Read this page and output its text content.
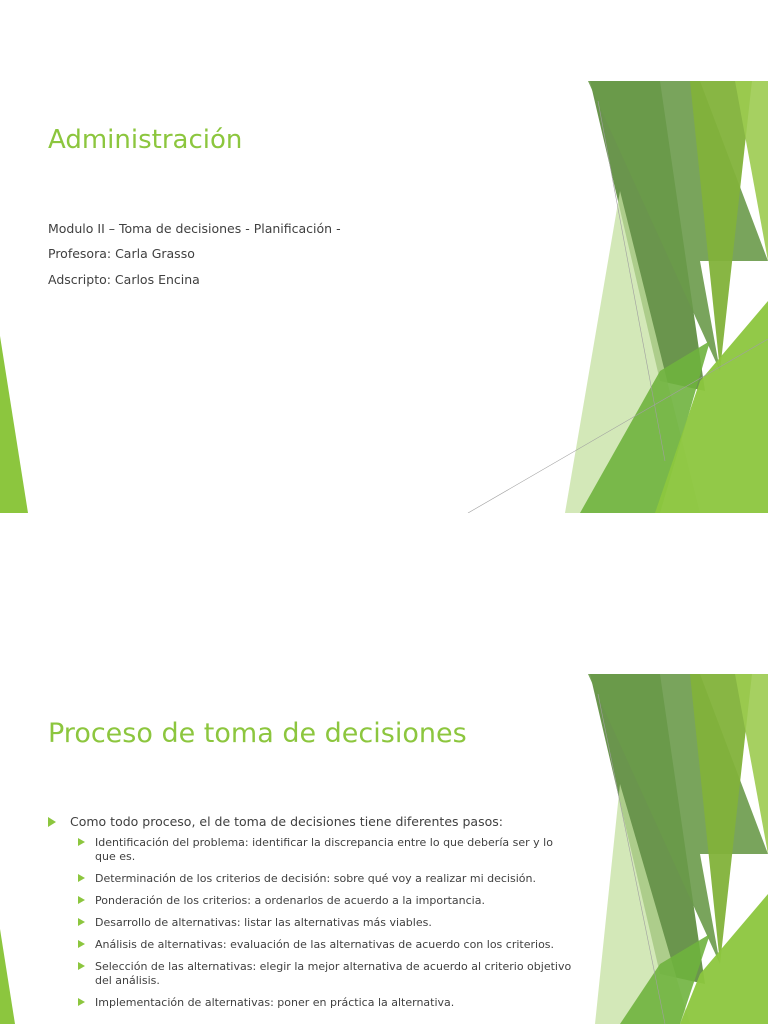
Administración
Modulo II – Toma de decisiones - Planificación -
Profesora: Carla Grasso
Adscripto: Carlos Encina
Proceso de toma de decisiones
Como todo proceso, el de toma de decisiones tiene diferentes pasos:
Identificación del problema: identificar la discrepancia entre lo que debería ser y lo que es.
Determinación de los criterios de decisión: sobre qué voy a realizar mi decisión.
Ponderación de los criterios: a ordenarlos de acuerdo a la importancia.
Desarrollo de alternativas: listar las alternativas más viables.
Análisis de alternativas: evaluación de las alternativas de acuerdo con los criterios.
Selección de las alternativas: elegir la mejor alternativa de acuerdo al criterio objetivo del análisis.
Implementación de alternativas: poner en práctica la alternativa.
